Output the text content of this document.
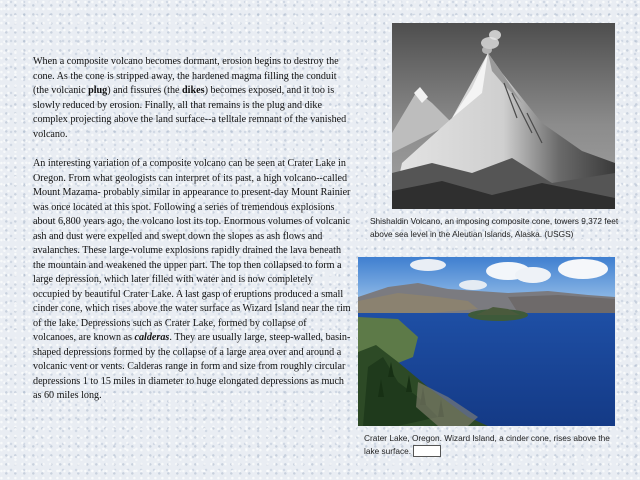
When a composite volcano becomes dormant, erosion begins to destroy the cone. As the cone is stripped away, the hardened magma filling the conduit (the volcanic plug) and fissures (the dikes) becomes exposed, and it too is slowly reduced by erosion. Finally, all that remains is the plug and dike complex projecting above the land surface--a telltale remnant of the vanished volcano.

An interesting variation of a composite volcano can be seen at Crater Lake in Oregon. From what geologists can interpret of its past, a high volcano--called Mount Mazama- probably similar in appearance to present-day Mount Rainier was once located at this spot. Following a series of tremendous explosions about 6,800 years ago, the volcano lost its top. Enormous volumes of volcanic ash and dust were expelled and swept down the slopes as ash flows and avalanches. These large-volume explosions rapidly drained the lava beneath the mountain and weakened the upper part. The top then collapsed to form a large depression, which later filled with water and is now completely occupied by beautiful Crater Lake. A last gasp of eruptions produced a small cinder cone, which rises above the water surface as Wizard Island near the rim of the lake. Depressions such as Crater Lake, formed by collapse of volcanoes, are known as calderas. They are usually large, steep-walled, basin-shaped depressions formed by the collapse of a large area over and around a volcanic vent or vents. Calderas range in form and size from roughly circular depressions 1 to 15 miles in diameter to huge elongated depressions as much as 60 miles long.

Shishaldin Volcano, an imposing composite cone, towers 9,372 feet above sea level in the Aleutian Islands, Alaska. (USGS)
Crater Lake, Oregon. Wizard Island, a cinder cone, rises above the lake surface.
